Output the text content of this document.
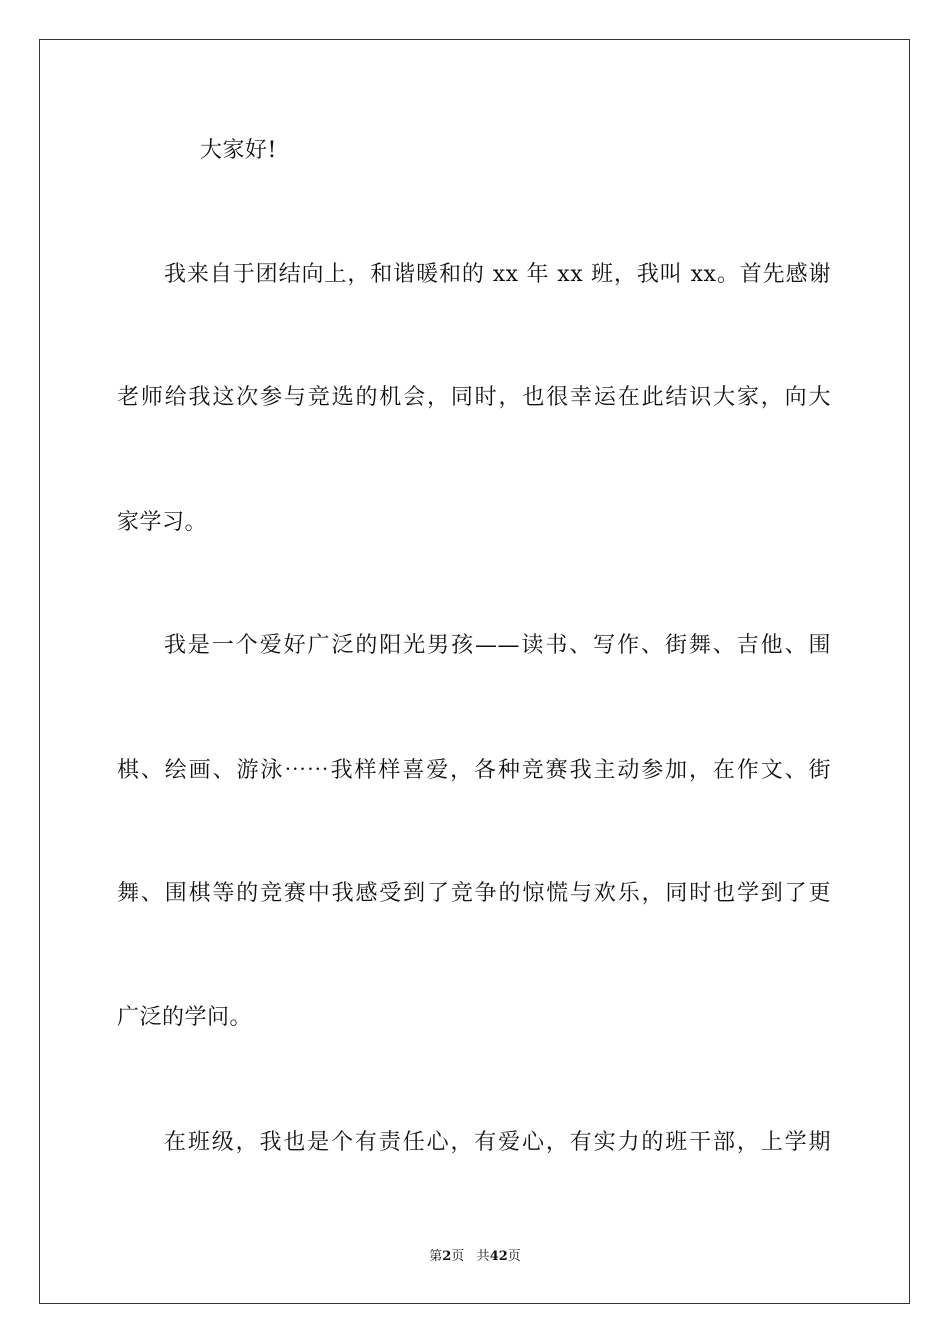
大家好!
我来自于团结向上，和谐暖和的 xx 年 xx 班，我叫 xx。首先感谢
老师给我这次参与竞选的机会，同时，也很幸运在此结识大家，向大
家学习。
我是一个爱好广泛的阳光男孩——读书、写作、街舞、吉他、围
棋、绘画、游泳⋯⋯我样样喜爱，各种竞赛我主动参加，在作文、街
舞、围棋等的竞赛中我感受到了竞争的惊慌与欢乐，同时也学到了更
广泛的学问。
在班级，我也是个有责任心，有爱心，有实力的班干部，上学期
第2页 共42页
